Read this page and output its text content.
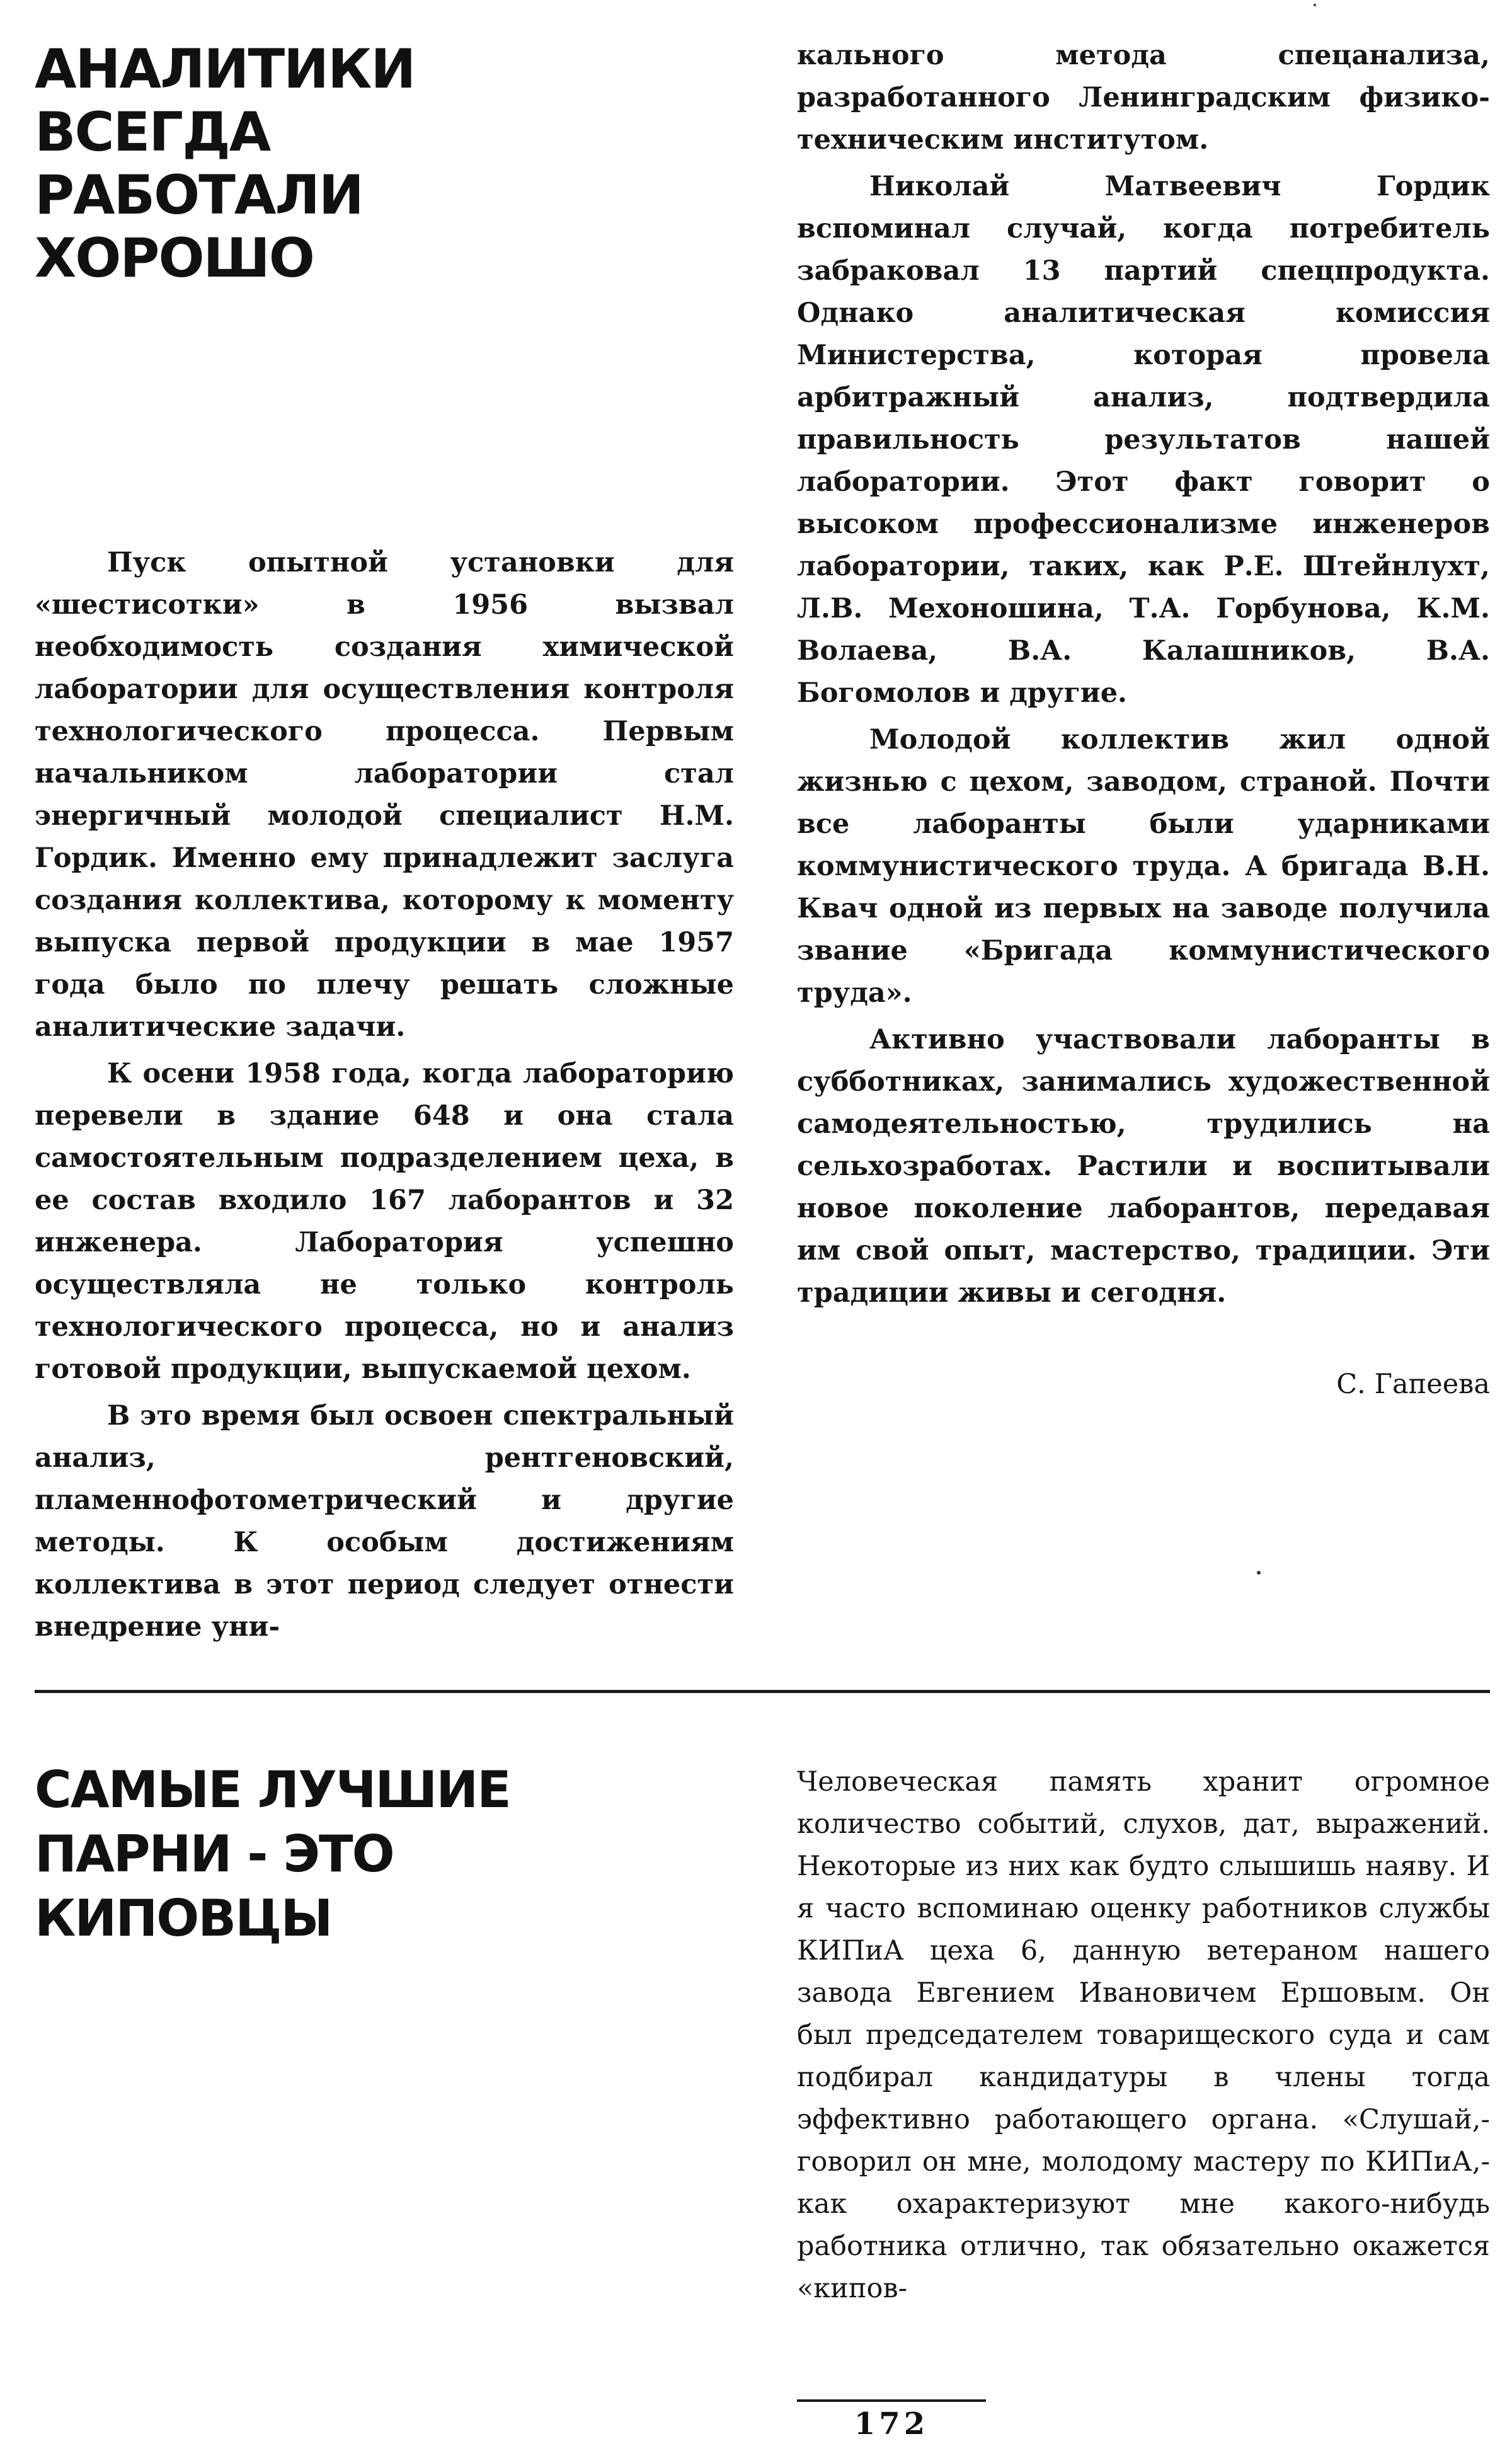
АНАЛИТИКИ
ВСЕГДА
РАБОТАЛИ
ХОРОШО

Пуск опытной установки для «шестисотки» в 1956 вызвал необходимость создания химической лаборатории для осуществления контроля технологического процесса. Первым начальником лаборатории стал энергичный молодой специалист Н.М. Гордик. Именно ему принадлежит заслуга создания коллектива, которому к моменту выпуска первой продукции в мае 1957 года было по плечу решать сложные аналитические задачи.

К осени 1958 года, когда лабораторию перевели в здание 648 и она стала самостоятельным подразделением цеха, в ее состав входило 167 лаборантов и 32 инженера. Лаборатория успешно осуществляла не только контроль технологического процесса, но и анализ готовой продукции, выпускаемой цехом.

В это время был освоен спектральный анализ, рентгеновский, пламеннофотометрический и другие методы. К особым достижениям коллектива в этот период следует отнести внедрение уни-

кального метода спецанализа, разработанного Ленинградским физико-техническим институтом.

Николай Матвеевич Гордик вспоминал случай, когда потребитель забраковал 13 партий спецпродукта. Однако аналитическая комиссия Министерства, которая провела арбитражный анализ, подтвердила правильность результатов нашей лаборатории. Этот факт говорит о высоком профессионализме инженеров лаборатории, таких, как Р.Е. Штейнлухт, Л.В. Мехоношина, Т.А. Горбунова, К.М. Волаева, В.А. Калашников, В.А. Богомолов и другие.

Молодой коллектив жил одной жизнью с цехом, заводом, страной. Почти все лаборанты были ударниками коммунистического труда. А бригада В.Н. Квач одной из первых на заводе получила звание «Бригада коммунистического труда».

Активно участвовали лаборанты в субботниках, занимались художественной самодеятельностью, трудились на сельхозработах. Растили и воспитывали новое поколение лаборантов, передавая им свой опыт, мастерство, традиции. Эти традиции живы и сегодня.

С. Гапеева

САМЫЕ ЛУЧШИЕ
ПАРНИ - ЭТО
КИПОВЦЫ

Человеческая память хранит огромное количество событий, слухов, дат, выражений. Некоторые из них как будто слышишь наяву. И я часто вспоминаю оценку работников службы КИПиА цеха 6, данную ветераном нашего завода Евгением Ивановичем Ершовым. Он был председателем товарищеского суда и сам подбирал кандидатуры в члены тогда эффективно работающего органа. «Слушай,- говорил он мне, молодому мастеру по КИПиА,- как охарактеризуют мне какого-нибудь работника отлично, так обязательно окажется «кипов-

172
